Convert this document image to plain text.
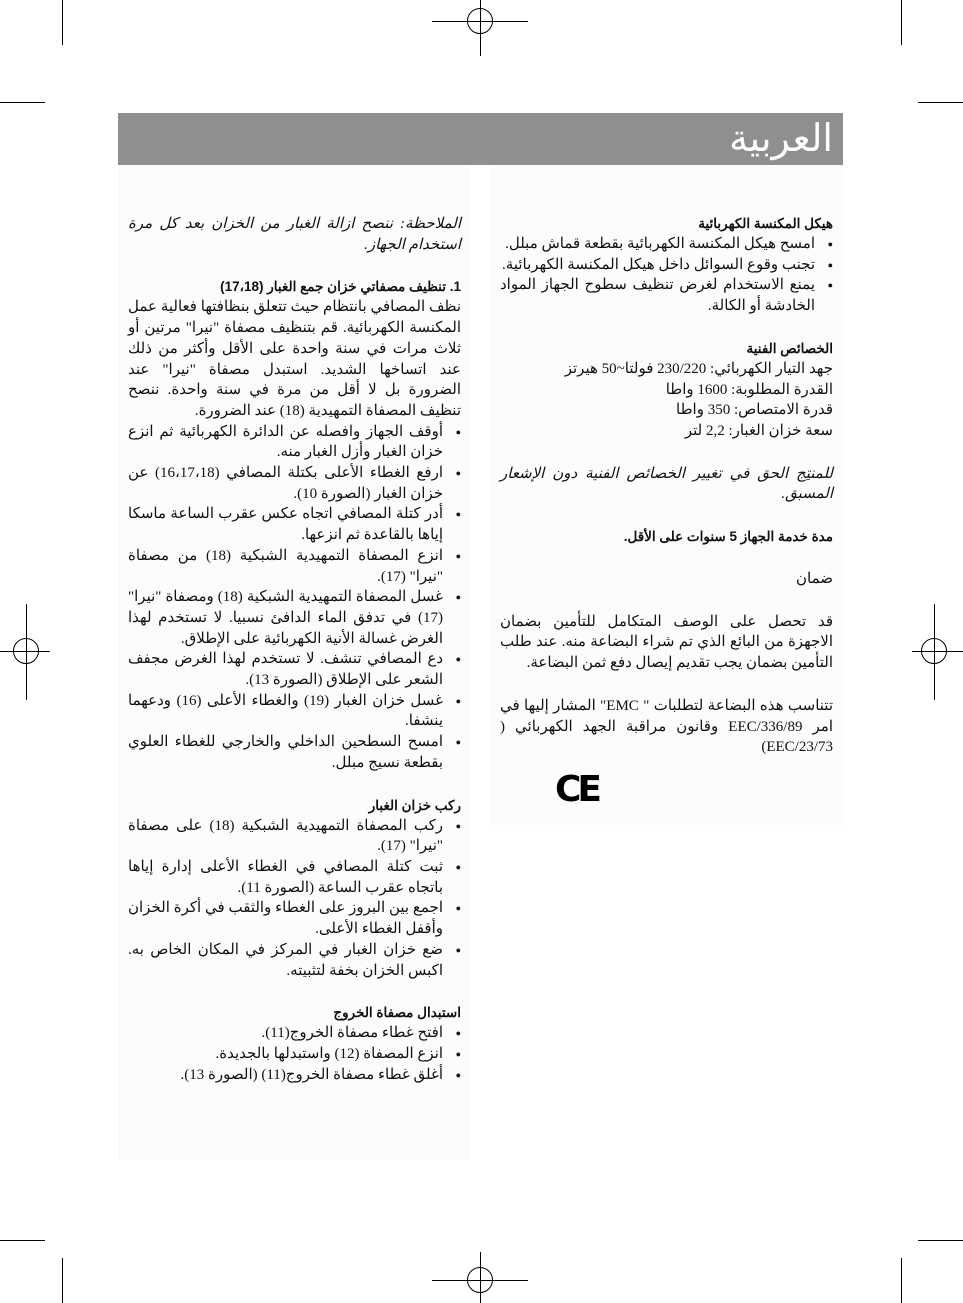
العربية

هيكل المكنسة الكهربائية

● امسح هيكل المكنسة الكهربائية بقطعة قماش مبلل.
● تجنب وقوع السوائل داخل هيكل المكنسة الكهربائية.
● يمنع الاستخدام لغرض تنظيف سطوح الجهاز المواد الخادشة أو الكالة.

الخصائص الفنية

جهد التيار الكهربائي: 230/220 فولتا~50 هيرتز

القدرة المطلوبة: 1600 واطا

قدرة الامتصاص: 350 واطا

سعة خزان الغبار: 2,2 لتر

للمنتِج الحق في تغيير الخصائص الفنية دون الإشعار المسبق.

مدة خدمة الجهاز 5 سنوات على الأقل.

ضمان

قد تحصل على الوصف المتكامل للتأمين بضمان الاجهزة من البائع الذي تم شراء البضاعة منه. عند طلب التأمين بضمان يجب تقديم إيصال دفع ثمن البضاعة.

تتناسب هذه البضاعة لتطلبات " EMC" المشار إليها في امر EEC/336/89 وقانون مراقبة الجهد الكهربائي ( EEC/23/73)

CE

الملاحظة: ننصح ازالة الغبار من الخزان بعد كل مرة استخدام الجهاز.

1. تنظيف مصفاتي خزان جمع الغبار (17،18)

نظف المصافي بانتظام حيث تتعلق بنظافتها فعالية عمل المكنسة الكهربائية. قم بتنظيف مصفاة "نيرا" مرتين أو ثلاث مرات في سنة واحدة على الأقل وأكثر من ذلك عند اتساخها الشديد. استبدل مصفاة "نيرا" عند الضرورة بل لا أقل من مرة في سنة واحدة. ننصح تنظيف المصفاة التمهيدية (18) عند الضرورة.

● أوقف الجهاز وافصله عن الدائرة الكهربائية ثم انزع خزان الغبار وأزل الغبار منه.
● ارفع الغطاء الأعلى بكتلة المصافي (16،17،18) عن خزان الغبار (الصورة 10).
● أدر كتلة المصافي اتجاه عكس عقرب الساعة ماسكا إياها بالقاعدة ثم انزعها.
● انزع المصفاة التمهيدية الشبكية (18) من مصفاة "نيرا" (17).
● غسل المصفاة التمهيدية الشبكية (18) ومصفاة "نيرا" (17) في تدفق الماء الدافئ نسبيا. لا تستخدم لهذا الغرض غسالة الأنية الكهربائية على الإطلاق.
● دع المصافي تنشف. لا تستخدم لهذا الغرض مجفف الشعر على الإطلاق (الصورة 13).
● غسل خزان الغبار (19) والغطاء الأعلى (16) ودعهما ينشفا.
● امسح السطحين الداخلي والخارجي للغطاء العلوي بقطعة نسيج مبلل.

ركب خزان الغبار

● ركب المصفاة التمهيدية الشبكية (18) على مصفاة "نيرا" (17).
● ثبت كتلة المصافي في الغطاء الأعلى إدارة إياها باتجاه عقرب الساعة (الصورة 11).
● اجمع بين البروز على الغطاء والثقب في أكرة الخزان وأقفل الغطاء الأعلى.
● ضع خزان الغبار في المركز في المكان الخاص به. اكبس الخزان بخفة لتثبيته.

استبدال مصفاة الخروج

● افتح غطاء مصفاة الخروج(11).
● انزع المصفاة (12) واستبدلها بالجديدة.
● أغلق غطاء مصفاة الخروج(11) (الصورة 13).
